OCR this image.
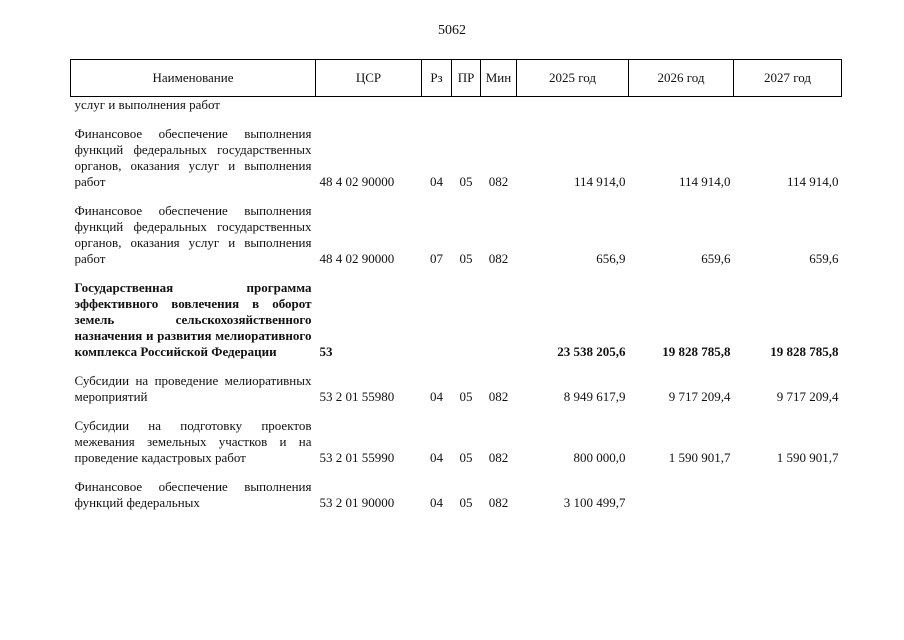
5062
Наименование	ЦСР	Рз	ПР	Мин	2025 год	2026 год	2027 год
услуг и выполнения работ							
Финансовое обеспечение выполнения функций федеральных государственных органов, оказания услуг и выполнения работ	48 4 02 90000	04	05	082	114 914,0	114 914,0	114 914,0
Финансовое обеспечение выполнения функций федеральных государственных органов, оказания услуг и выполнения работ	48 4 02 90000	07	05	082	656,9	659,6	659,6
Государственная программа эффективного вовлечения в оборот земель сельскохозяйственного назначения и развития мелиоративного комплекса Российской Федерации	53				23 538 205,6	19 828 785,8	19 828 785,8
Субсидии на проведение мелиоративных мероприятий	53 2 01 55980	04	05	082	8 949 617,9	9 717 209,4	9 717 209,4
Субсидии на подготовку проектов межевания земельных участков и на проведение кадастровых работ	53 2 01 55990	04	05	082	800 000,0	1 590 901,7	1 590 901,7
Финансовое обеспечение выполнения функций федеральных	53 2 01 90000	04	05	082	3 100 499,7		
